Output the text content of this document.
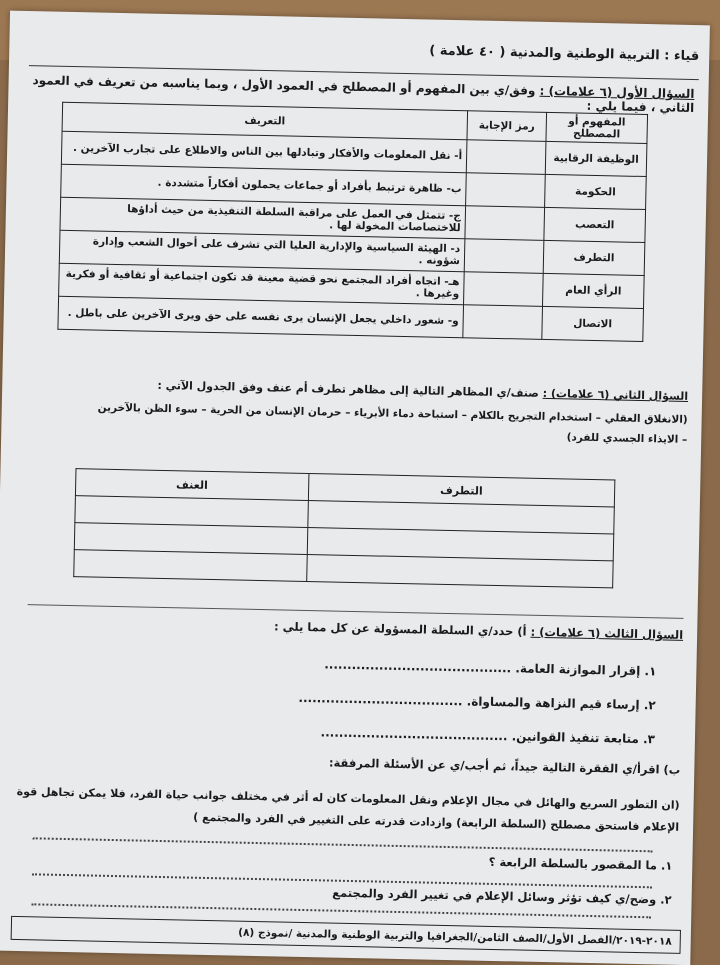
قياء : التربية الوطنية والمدنية ( ٤٠ علامة )
السؤال الأول (٦ علامات) : وفق/ي بين المفهوم أو المصطلح في العمود الأول ، وبما يناسبه من تعريف في العمود الثاني ، فيما يلي :
المفهوم أو المصطلح	رمز الإجابة	التعريف
الوظيفة الرقابية		أ- نقل المعلومات والأفكار وتبادلها بين الناس والاطلاع على تجارب الآخرين .
الحكومة		ب- ظاهرة ترتبط بأفراد أو جماعات يحملون أفكاراً متشددة .
التعصب		ج- تتمثل في العمل على مراقبة السلطة التنفيذية من حيث أداؤها للاختصاصات المخولة لها .
التطرف		د- الهيئة السياسية والإدارية العليا التي تشرف على أحوال الشعب وإدارة شؤونه .
الرأي العام		هـ- اتجاه أفراد المجتمع نحو قضية معينة قد تكون اجتماعية أو ثقافية أو فكرية وغيرها .
الاتصال		و- شعور داخلي يجعل الإنسان يرى نفسه على حق ويرى الآخرين على باطل .
السؤال الثاني (٦ علامات) : صنف/ي المظاهر التالية إلى مظاهر تطرف أم عنف وفق الجدول الآتي :
(الانغلاق العقلي – استخدام التجريح بالكلام – استباحة دماء الأبرياء – حرمان الإنسان من الحرية – سوء الظن بالآخرين
– الايذاء الجسدي للفرد)
التطرف	العنف

السؤال الثالث (٦ علامات) : أ) حدد/ي السلطة المسؤولة عن كل مما يلي :
١. إقرار الموازنة العامة. .........................................
٢. إرساء قيم النزاهة والمساواة. ....................................
٣. متابعة تنفيذ القوانين. .........................................
ب) اقرأ/ي الفقرة التالية جيداً، ثم أجب/ي عن الأسئلة المرفقة:
(ان التطور السريع والهائل في مجال الإعلام ونقل المعلومات كان له أثر في مختلف جوانب حياة الفرد، فلا يمكن تجاهل قوة الإعلام فاستحق مصطلح (السلطة الرابعة) وازدادت قدرته على التغيير في الفرد والمجتمع )
١. ما المقصور بالسلطة الرابعة ؟
٢. وضح/ي كيف تؤثر وسائل الإعلام في تغيير الفرد والمجتمع
٢٠١٨-٢٠١٩/الفصل الأول/الصف الثامن/الجغرافيا والتربية الوطنية والمدنية /نموذج (٨)
